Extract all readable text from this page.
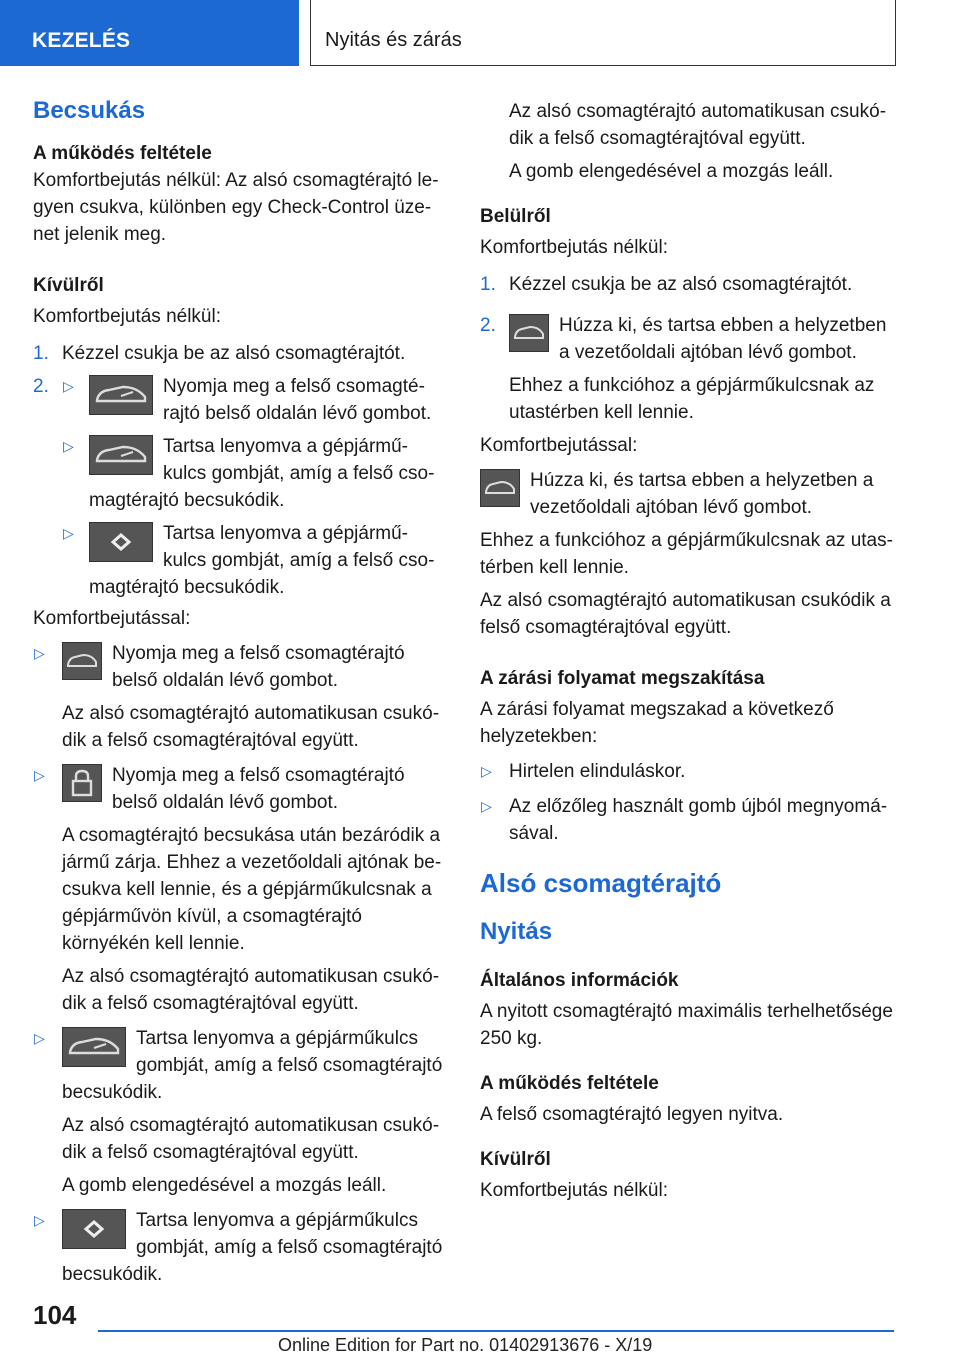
KEZELÉS	Nyitás és zárás
Becsukás

A működés feltétele

Komfortbejutás nélkül: Az alsó csomagtérajtó legyen csukva, különben egy Check-Control üzenet jelenik meg.

Kívülről

Komfortbejutás nélkül:

1. Kézzel csukja be az alsó csomagtérajtót.
2. ▷	Nyomja meg a felső csomagtérajtó belső oldalán lévő gombot.
▷	Tartsa lenyomva a gépjárműkulcs gombját, amíg a felső csomagtérajtó becsukódik.
▷	Tartsa lenyomva a gépjárműkulcs gombját, amíg a felső csomagtérajtó becsukódik.

Komfortbejutással:

▷	Nyomja meg a felső csomagtérajtó belső oldalán lévő gombot.

Az alsó csomagtérajtó automatikusan csukódik a felső csomagtérajtóval együtt.

▷	Nyomja meg a felső csomagtérajtó belső oldalán lévő gombot.

A csomagtérajtó becsukása után bezáródik a jármű zárja. Ehhez a vezetőoldali ajtónak becsukva kell lennie, és a gépjárműkulcsnak a gépjárművön kívül, a csomagtérajtó környékén kell lennie.

Az alsó csomagtérajtó automatikusan csukódik a felső csomagtérajtóval együtt.

▷	Tartsa lenyomva a gépjárműkulcs gombját, amíg a felső csomagtérajtó becsukódik.

Az alsó csomagtérajtó automatikusan csukódik a felső csomagtérajtóval együtt.

A gomb elengedésével a mozgás leáll.

▷	Tartsa lenyomva a gépjárműkulcs gombját, amíg a felső csomagtérajtó becsukódik.

Az alsó csomagtérajtó automatikusan csukódik a felső csomagtérajtóval együtt.

A gomb elengedésével a mozgás leáll.

Belülről

Komfortbejutás nélkül:

1. Kézzel csukja be az alsó csomagtérajtót.
2.	Húzza ki, és tartsa ebben a helyzetben a vezetőoldali ajtóban lévő gombot.

Ehhez a funkcióhoz a gépjárműkulcsnak az utastérben kell lennie.

Komfortbejutással:

Húzza ki, és tartsa ebben a helyzetben a vezetőoldali ajtóban lévő gombot.

Ehhez a funkcióhoz a gépjárműkulcsnak az utastérben kell lennie.

Az alsó csomagtérajtó automatikusan csukódik a felső csomagtérajtóval együtt.

A zárási folyamat megszakítása

A zárási folyamat megszakad a következő helyzetekben:

▷ Hirtelen elinduláskor.
▷ Az előzőleg használt gomb újból megnyomásával.
Alsó csomagtérajtó
Nyitás

Általános információk

A nyitott csomagtérajtó maximális terhelhetősége 250 kg.

A működés feltétele

A felső csomagtérajtó legyen nyitva.

Kívülről

Komfortbejutás nélkül:

104
Online Edition for Part no. 01402913676 - X/19
